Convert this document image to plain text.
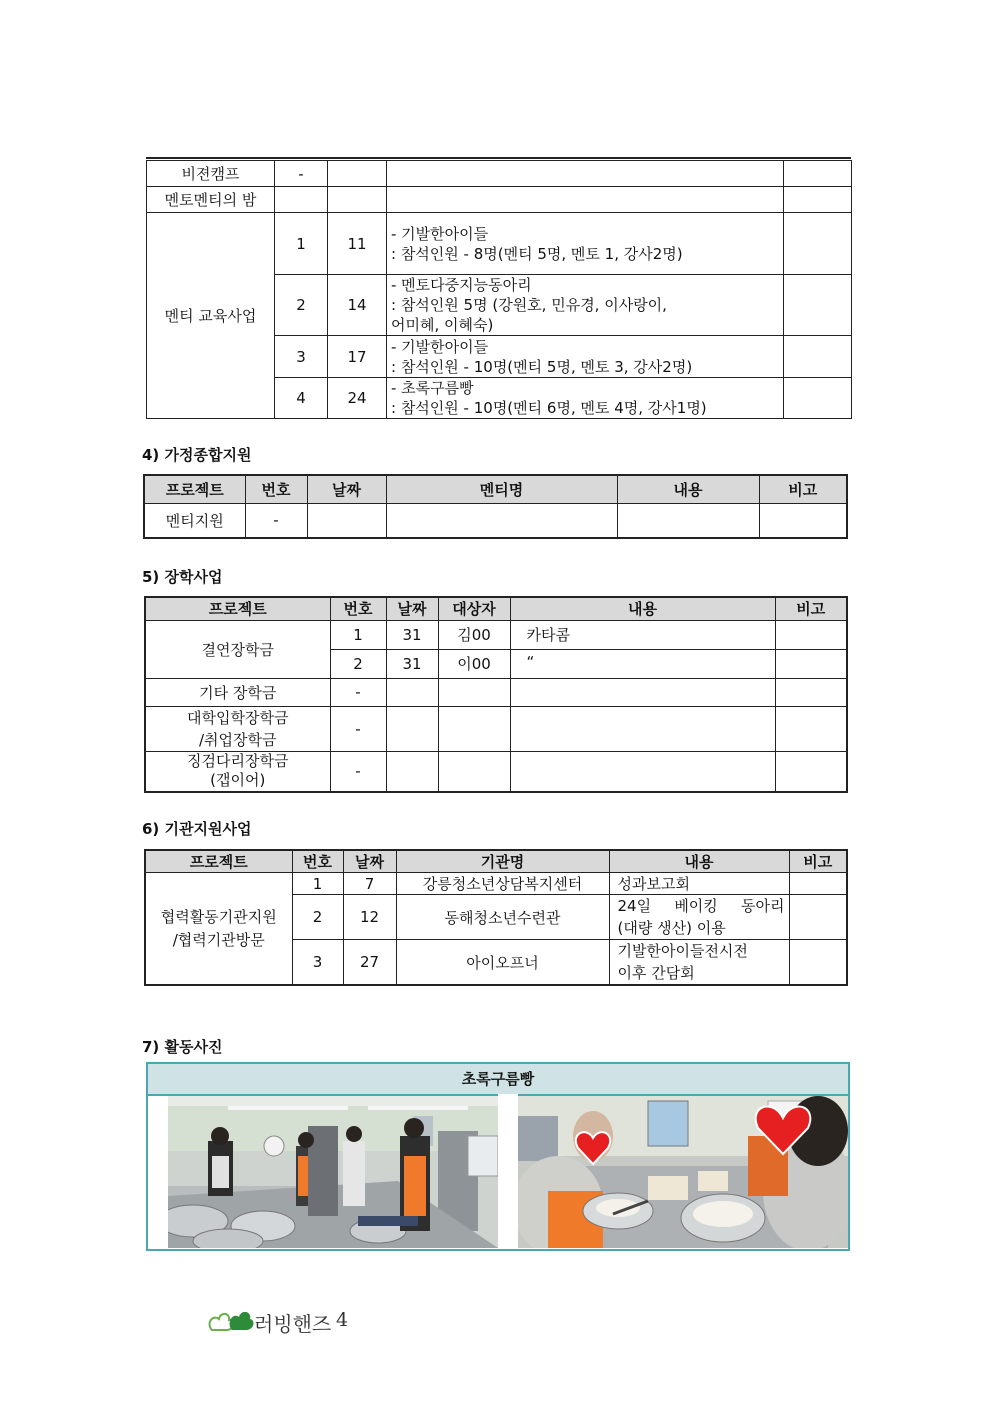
비젼캠프	-			
멘토멘티의 밤				
멘티 교육사업	1	11	- 기발한아이들
: 참석인원 - 8명(멘티 5명, 멘토 1, 강사2명)	

	2	14	- 멘토다중지능동아리
: 참석인원 5명 (강원호, 민유경, 이사랑이,
어미혜, 이혜숙)	

	3	17	- 기발한아이들
: 참석인원 - 10명(멘티 5명, 멘토 3, 강사2명)	

	4	24	- 초록구름빵
: 참석인원 - 10명(멘티 6명, 멘토 4명, 강사1명)	

4) 가정종합지원
프로젝트	번호	날짜	멘티명	내용	비고
멘티지원	-				
5) 장학사업
프로젝트	번호	날짜	대상자	내용	비고
결연장학금	1	31	김00	카타콤	
	2	31	이00	“	
기타 장학금	-				

대학입학장학금
/취업장학금	-				

징검다리장학금
(갭이어)	-				
6) 기관지원사업
프로젝트	번호	날짜	기관명	내용	비고

협력활동기관지원
/협력기관방문	1	7	강릉청소년상담복지센터	성과보고회	

	2	12	동해청소년수련관	24일 베이킹 동아리
(대량 생산) 이용	

	3	27	아이오프너	기발한아이들전시전
이후 간담회	

7) 활동사진
초록구름빵
러빙핸즈 4
